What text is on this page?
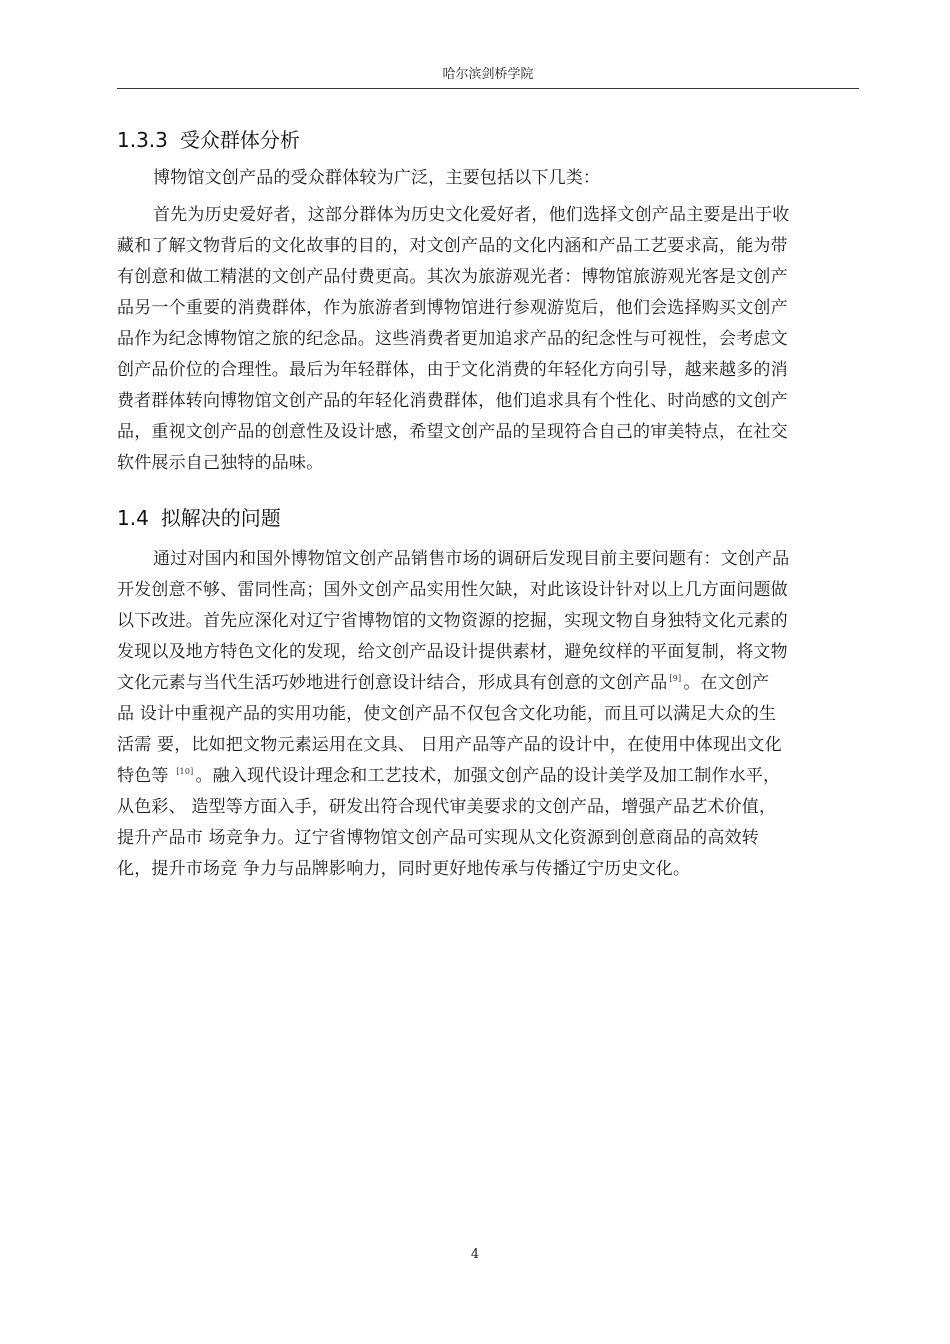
哈尔滨剑桥学院
1.3.3 受众群体分析

博物馆文创产品的受众群体较为广泛，主要包括以下几类：

首先为历史爱好者，这部分群体为历史文化爱好者，他们选择文创产品主要是出于收
藏和了解文物背后的文化故事的目的，对文创产品的文化内涵和产品工艺要求高，能为带
有创意和做工精湛的文创产品付费更高。其次为旅游观光者：博物馆旅游观光客是文创产
品另一个重要的消费群体，作为旅游者到博物馆进行参观游览后，他们会选择购买文创产
品作为纪念博物馆之旅的纪念品。这些消费者更加追求产品的纪念性与可视性，会考虑文
创产品价位的合理性。最后为年轻群体，由于文化消费的年轻化方向引导，越来越多的消
费者群体转向博物馆文创产品的年轻化消费群体，他们追求具有个性化、时尚感的文创产
品，重视文创产品的创意性及设计感，希望文创产品的呈现符合自己的审美特点，在社交
软件展示自己独特的品味。

1.4 拟解决的问题

通过对国内和国外博物馆文创产品销售市场的调研后发现目前主要问题有：文创产品
开发创意不够、雷同性高；国外文创产品实用性欠缺，对此该设计针对以上几方面问题做
以下改进。首先应深化对辽宁省博物馆的文物资源的挖掘，实现文物自身独特文化元素的
发现以及地方特色文化的发现，给文创产品设计提供素材，避免纹样的平面复制，将文物
文化元素与当代生活巧妙地进行创意设计结合，形成具有创意的文创产品 [9] 。在文创产
品 设计中重视产品的实用功能，使文创产品不仅包含文化功能，而且可以满足大众的生
活需 要，比如把文物元素运用在文具、 日用产品等产品的设计中，在使用中体现出文化
特色等 [10] 。融入现代设计理念和工艺技术，加强文创产品的设计美学及加工制作水平，
从色彩、 造型等方面入手，研发出符合现代审美要求的文创产品，增强产品艺术价值，
提升产品市 场竞争力。辽宁省博物馆文创产品可实现从文化资源到创意商品的高效转
化，提升市场竞 争力与品牌影响力，同时更好地传承与传播辽宁历史文化。

4
